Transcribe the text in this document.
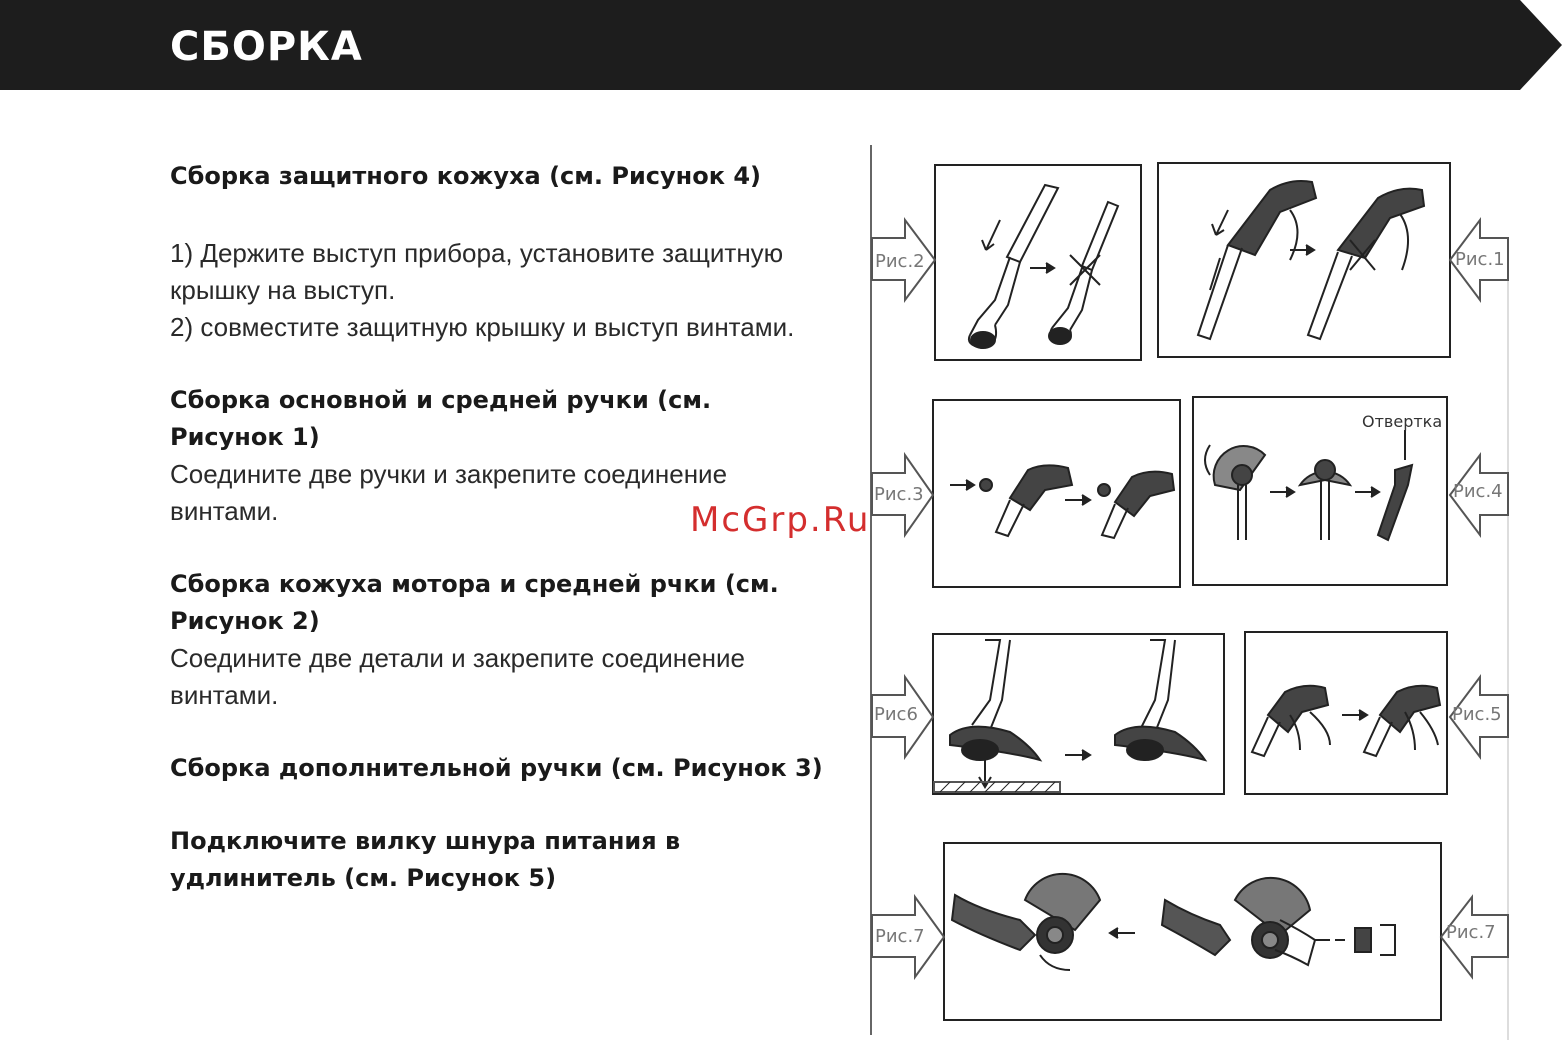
СБОРКА
Сборка защитного кожуха (см. Рисунок 4)

1) Держите выступ прибора, установите защитную крышку на выступ.

2) совместите защитную крышку и выступ винтами.

Сборка основной и средней ручки (см. Рисунок 1)
Соедините две ручки и закрепите соединение винтами.
Сборка кожуха мотора и средней рчки (см. Рисунок 2)
Соедините две детали и закрепите соединение винтами.
Сборка дополнительной ручки (см. Рисунок 3)
Подключите вилку шнура питания в удлинитель (см. Рисунок 5)
Рис.2	Рис.1
Рис.3	Рис.4
Рис6	Рис.5
Рис.7	Рис.7
Отвертка
McGrp.Ru
